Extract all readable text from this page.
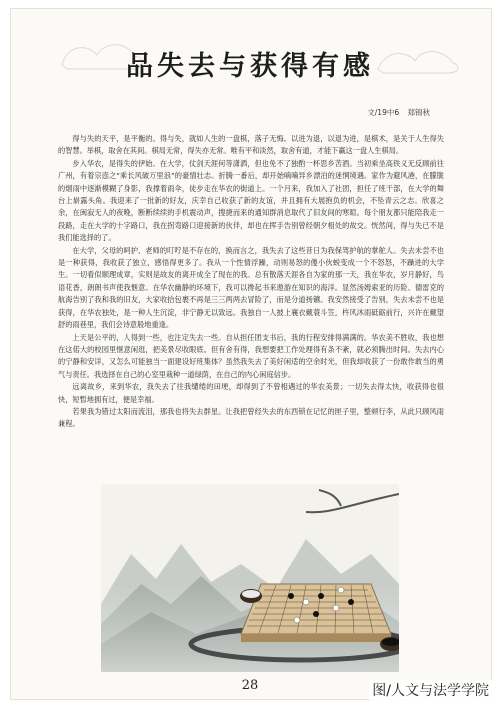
品失去与获得有感
文/19中6 郑锦秋

得与失的天平，是平衡的。得与失，就如人生的一盘棋，落子无悔。以进为退，以退为进，是棋术，是关于人生得失的智慧。举棋，取舍在其间。棋局无常，得失亦无常。唯有平和淡然，取舍有道，才能下赢这一盘人生棋局。

步入华农，是得失的伊始。在大学，仗剑天涯何等潇洒，但也免不了独酌一杯思乡苦酒。当初乘坐高铁义无反顾前往广州，有着宗悫之“乘长风破万里浪”的豪情壮志。折腾一番后，却开始嘀嘀异乡漂泊的迷惘境遇。家作为避风港，在朦胧的烟雨中逐渐模糊了身影，我撑着雨伞，徒步走在华农的街道上。一个月来，我加入了社团，担任了班干部，在大学的舞台上崭露头角。我迎来了一批新的好友，庆幸自己收获了新的友谊，并且拥有大展抱负的机会，不坠青云之志。欣喜之余，在闽寂无人的夜晚，断断续续的手机震动声，搜捷而来的通知群消息取代了旧友间的寒暄。每个朋友都只能陪我走一段路，走在大学的十字路口，我在拐弯路口迎接新的伙伴，却也在挥手告别曾经朝夕相处的故交。恍然间，得与失已不是我们能选择的了。

在大学，父母的呵护、老师的叮咛是不存在的，换而言之，我失去了这些昔日为我保驾护航的掌舵人。失去未尝不也是一种获得，我收获了独立，感悟得更多了。我从一个性情浮躁，动则易怒的傻小伙蜕变成一个不怒怒，不躁进的大学生。一切看似顺理成章，实则是故友的离开成全了现在的我。总有散落天涯各自为家的那一天，我在华农，岁月静好，鸟语花香，朗朗书声使我惬意。在华农幽静的环境下，我可以搀起书来遨游在知识的海洋。显然汤姆索亚的历险、德雷克的航海告别了我和我的旧友，大家收拾包裹不再是三三两两去冒险了，而是分道扬镳。我安然接受了告别，失去未尝不也是获得，在华农独处，是一种人生沉淀，非宁静无以致远。我独自一人披上襄衣戴蓑斗笠，杵风沐雨砥砺前行，兴许在戴望舒的雨巷里，我们会诗意般地重逢。

上天是公平的，人得到一些，也注定失去一些。自从担任团支书后，我的行程安排得满满的。华农美不胜收，我也想在这偌大的校园里惬意闲逛，把美景尽收眼底。但有舍有得，我想要把工作处理得有条不紊，就必须腾出时间。失去内心的宁静和安详，又怎么可能独当一面建设好班集体？虽然我失去了美好闲适的空余时光，但我却收获了一份敢作敢当的勇气与责任。我选择在自己的心室里栽种一道绿荫，在自己的内心闲庭信步。

远离故乡，来到华农，我失去了往我缱绻的田埂，却得到了不曾相遇过的华农美景；一切失去得太快，收获得也很快，短暂地拥有过，便是幸福。

若果我为错过太阳而流泪，那我也将失去群星。让我把曾经失去的东西锁在记忆的匣子里，整顿行李，从此只顾风雨兼程。

28	图/人文与法学学院
